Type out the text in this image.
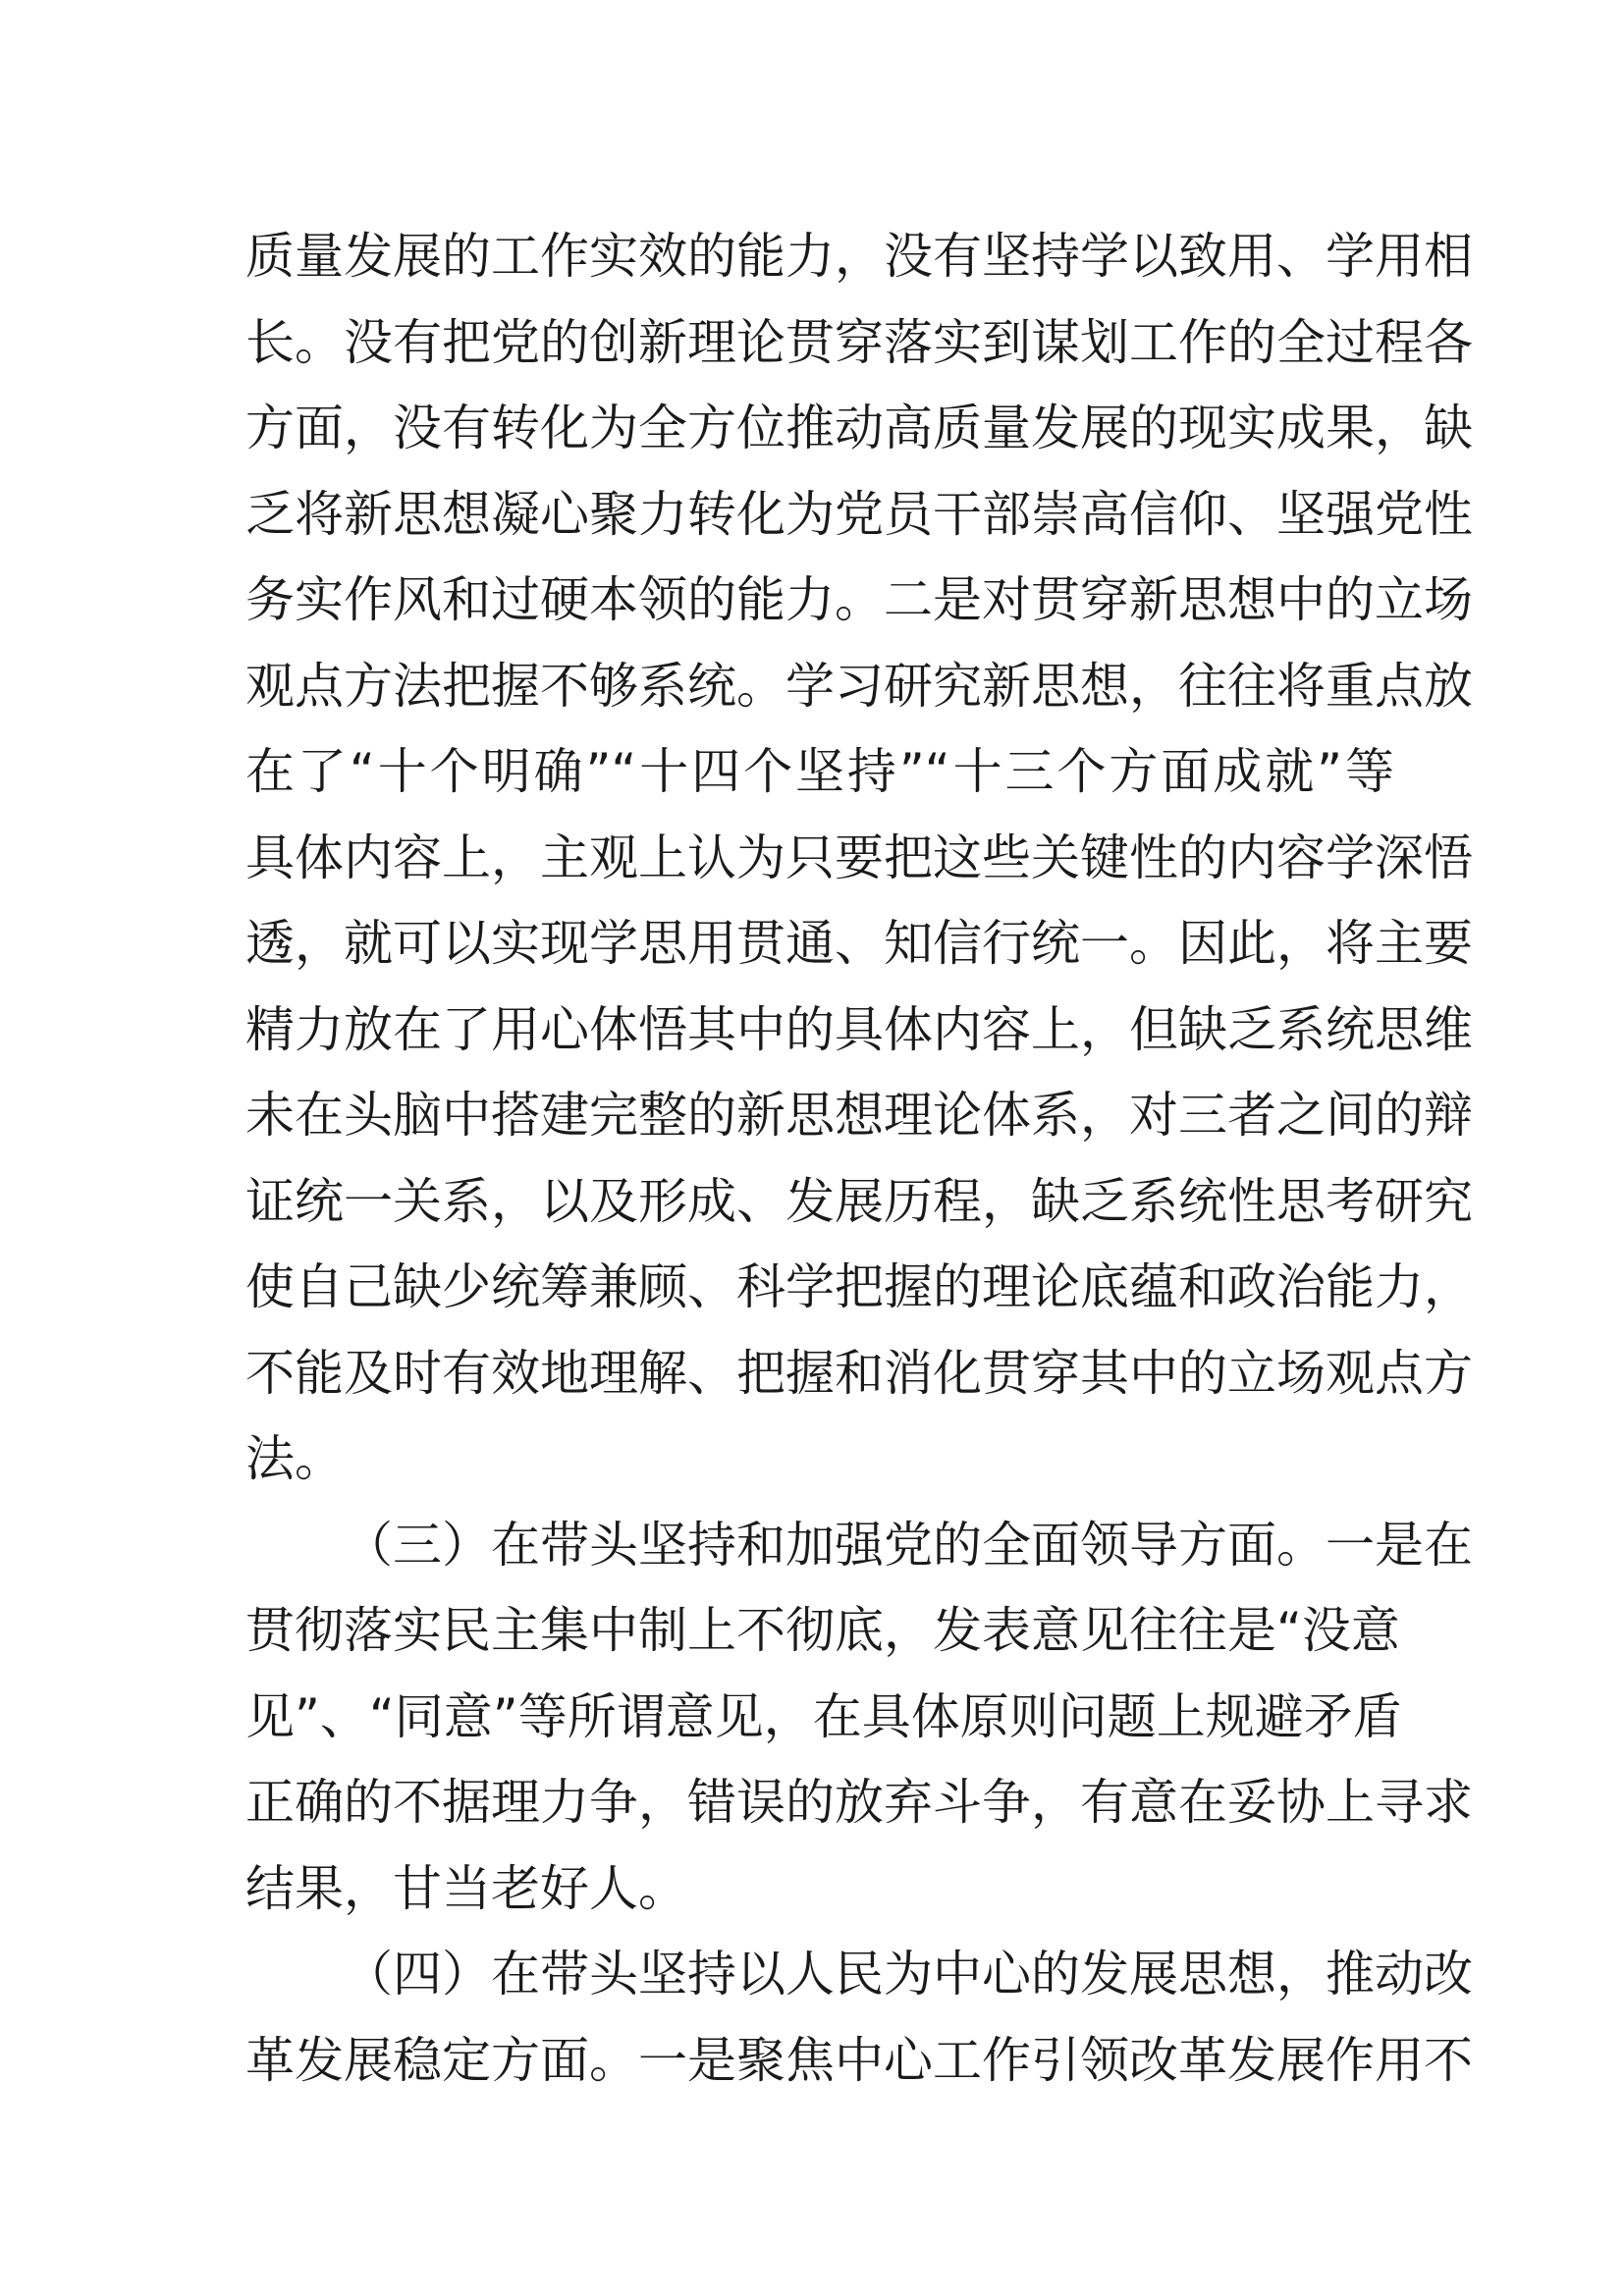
质量发展的工作实效的能力，没有坚持学以致用、学用相
长。没有把党的创新理论贯穿落实到谋划工作的全过程各
方面，没有转化为全方位推动高质量发展的现实成果，缺
乏将新思想凝心聚力转化为党员干部崇高信仰、坚强党性
务实作风和过硬本领的能力。二是对贯穿新思想中的立场
观点方法把握不够系统。学习研究新思想，往往将重点放
在了“十个明确”“十四个坚持”“十三个方面成就”等
具体内容上，主观上认为只要把这些关键性的内容学深悟
透，就可以实现学思用贯通、知信行统一。因此，将主要
精力放在了用心体悟其中的具体内容上，但缺乏系统思维
未在头脑中搭建完整的新思想理论体系，对三者之间的辩
证统一关系，以及形成、发展历程，缺乏系统性思考研究
使自己缺少统筹兼顾、科学把握的理论底蕴和政治能力，
不能及时有效地理解、把握和消化贯穿其中的立场观点方
法。
（三）在带头坚持和加强党的全面领导方面。一是在
贯彻落实民主集中制上不彻底，发表意见往往是“没意
见”、“同意”等所谓意见，在具体原则问题上规避矛盾
正确的不据理力争，错误的放弃斗争，有意在妥协上寻求
结果，甘当老好人。
（四）在带头坚持以人民为中心的发展思想，推动改
革发展稳定方面。一是聚焦中心工作引领改革发展作用不
